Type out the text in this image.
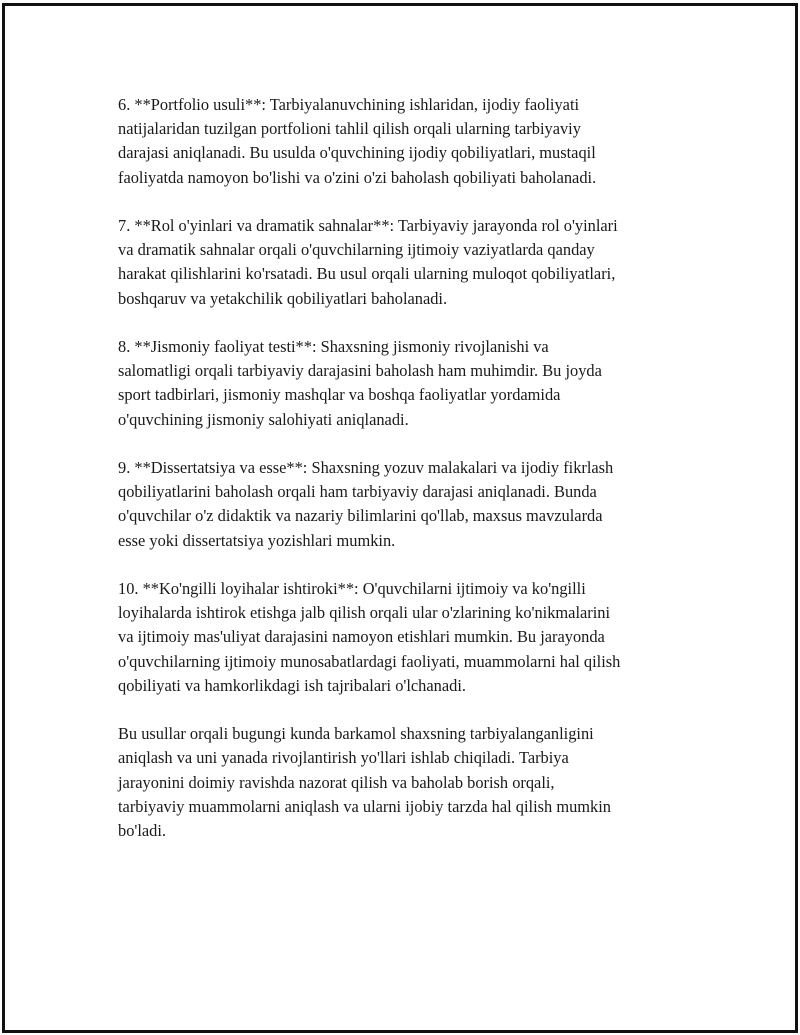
6. **Portfolio usuli**: Tarbiyalanuvchining ishlaridan, ijodiy faoliyati
natijalaridan tuzilgan portfolioni tahlil qilish orqali ularning tarbiyaviy
darajasi aniqlanadi. Bu usulda o'quvchining ijodiy qobiliyatlari, mustaqil
faoliyatda namoyon bo'lishi va o'zini o'zi baholash qobiliyati baholanadi.

7. **Rol o'yinlari va dramatik sahnalar**: Tarbiyaviy jarayonda rol o'yinlari
va dramatik sahnalar orqali o'quvchilarning ijtimoiy vaziyatlarda qanday
harakat qilishlarini ko'rsatadi. Bu usul orqali ularning muloqot qobiliyatlari,
boshqaruv va yetakchilik qobiliyatlari baholanadi.

8. **Jismoniy faoliyat testi**: Shaxsning jismoniy rivojlanishi va
salomatligi orqali tarbiyaviy darajasini baholash ham muhimdir. Bu joyda
sport tadbirlari, jismoniy mashqlar va boshqa faoliyatlar yordamida
o'quvchining jismoniy salohiyati aniqlanadi.

9. **Dissertatsiya va esse**: Shaxsning yozuv malakalari va ijodiy fikrlash
qobiliyatlarini baholash orqali ham tarbiyaviy darajasi aniqlanadi. Bunda
o'quvchilar o'z didaktik va nazariy bilimlarini qo'llab, maxsus mavzularda
esse yoki dissertatsiya yozishlari mumkin.

10. **Ko'ngilli loyihalar ishtiroki**: O'quvchilarni ijtimoiy va ko'ngilli
loyihalarda ishtirok etishga jalb qilish orqali ular o'zlarining ko'nikmalarini
va ijtimoiy mas'uliyat darajasini namoyon etishlari mumkin. Bu jarayonda
o'quvchilarning ijtimoiy munosabatlardagi faoliyati, muammolarni hal qilish
qobiliyati va hamkorlikdagi ish tajribalari o'lchanadi.

Bu usullar orqali bugungi kunda barkamol shaxsning tarbiyalanganligini
aniqlash va uni yanada rivojlantirish yo'llari ishlab chiqiladi. Tarbiya
jarayonini doimiy ravishda nazorat qilish va baholab borish orqali,
tarbiyaviy muammolarni aniqlash va ularni ijobiy tarzda hal qilish mumkin
bo'ladi.
